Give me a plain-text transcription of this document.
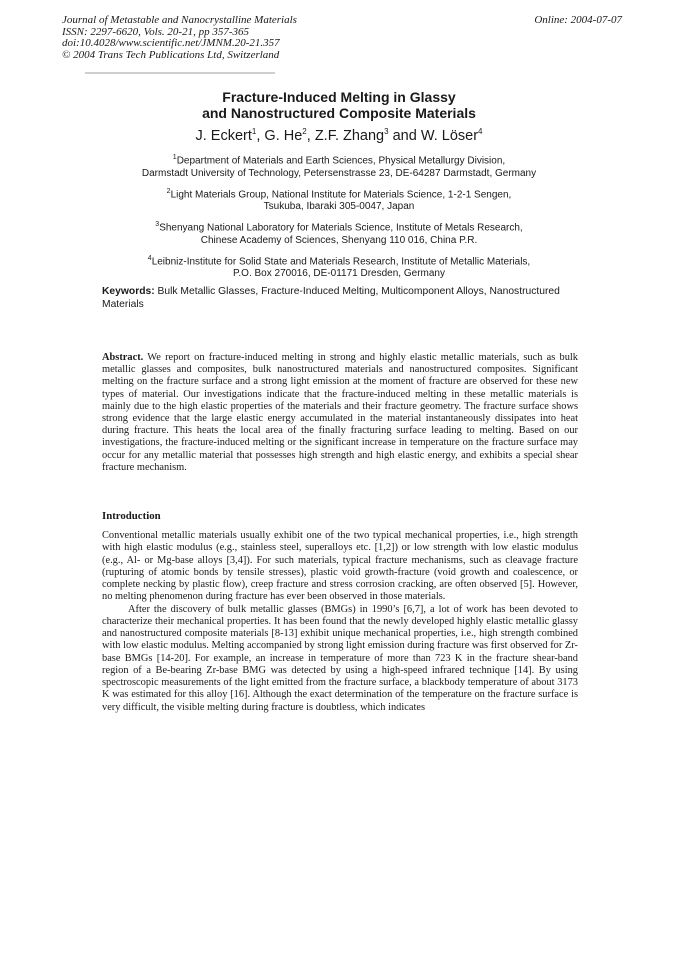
Journal of Metastable and Nanocrystalline Materials
ISSN: 2297-6620, Vols. 20-21, pp 357-365
doi:10.4028/www.scientific.net/JMNM.20-21.357
© 2004 Trans Tech Publications Ltd, Switzerland
Online: 2004-07-07
Fracture-Induced Melting in Glassy
and Nanostructured Composite Materials
J. Eckert$^1$, G. He$^2$, Z.F. Zhang$^3$ and W. Löser$^4$
$^1$Department of Materials and Earth Sciences, Physical Metallurgy Division,
Darmstadt University of Technology, Petersenstrasse 23, DE-64287 Darmstadt, Germany
$^2$Light Materials Group, National Institute for Materials Science, 1-2-1 Sengen,
Tsukuba, Ibaraki 305-0047, Japan
$^3$Shenyang National Laboratory for Materials Science, Institute of Metals Research,
Chinese Academy of Sciences, Shenyang 110 016, China P.R.
$^4$Leibniz-Institute for Solid State and Materials Research, Institute of Metallic Materials,
P.O. Box 270016, DE-01171 Dresden, Germany
Keywords: Bulk Metallic Glasses, Fracture-Induced Melting, Multicomponent Alloys, Nanostructured Materials
Abstract. We report on fracture-induced melting in strong and highly elastic metallic materials, such as bulk metallic glasses and composites, bulk nanostructured materials and nanostructured composites. Significant melting on the fracture surface and a strong light emission at the moment of fracture are observed for these new types of material. Our investigations indicate that the fracture-induced melting in these metallic materials is mainly due to the high elastic properties of the materials and their fracture geometry. The fracture surface shows strong evidence that the large elastic energy accumulated in the material instantaneously dissipates into heat during fracture. This heats the local area of the finally fracturing surface leading to melting. Based on our investigations, the fracture-induced melting or the significant increase in temperature on the fracture surface may occur for any metallic material that possesses high strength and high elastic energy, and exhibits a special shear fracture mechanism.
Introduction

Conventional metallic materials usually exhibit one of the two typical mechanical properties, i.e., high strength with high elastic modulus (e.g., stainless steel, superalloys etc. [1,2]) or low strength with low elastic modulus (e.g., Al- or Mg-base alloys [3,4]). For such materials, typical fracture mechanisms, such as cleavage fracture (rupturing of atomic bonds by tensile stresses), plastic void growth-fracture (void growth and coalescence, or complete necking by plastic flow), creep fracture and stress corrosion cracking, are often observed [5]. However, no melting phenomenon during fracture has ever been observed in those materials.

After the discovery of bulk metallic glasses (BMGs) in 1990’s [6,7], a lot of work has been devoted to characterize their mechanical properties. It has been found that the newly developed highly elastic metallic glassy and nanostructured composite materials [8-13] exhibit unique mechanical properties, i.e., high strength combined with low elastic modulus. Melting accompanied by strong light emission during fracture was first observed for Zr-base BMGs [14-20]. For example, an increase in temperature of more than 723 K in the fracture shear-band region of a Be-bearing Zr-base BMG was detected by using a high-speed infrared technique [14]. By using spectroscopic measurements of the light emitted from the fracture surface, a blackbody temperature of about 3173 K was estimated for this alloy [16]. Although the exact determination of the temperature on the fracture surface is very difficult, the visible melting during fracture is doubtless, which indicates
